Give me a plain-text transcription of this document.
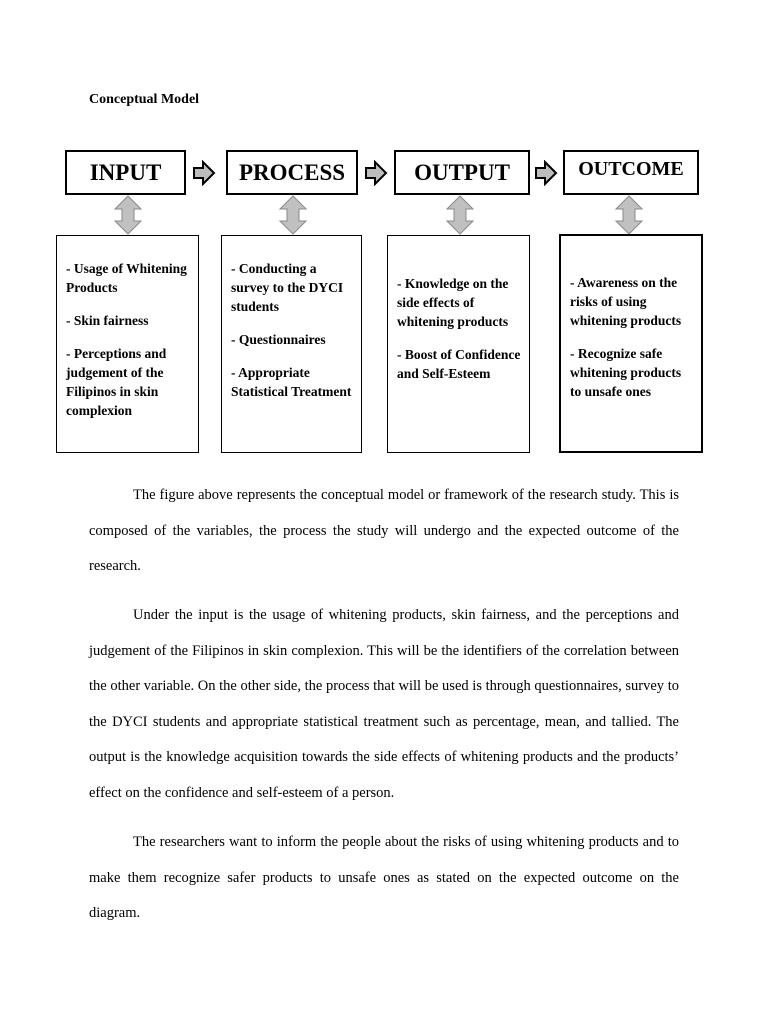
Conceptual Model
INPUT	PROCESS	OUTPUT	OUTCOME
- Usage of Whitening Products
- Skin fairness
- Perceptions and judgement of the Filipinos in skin complexion
- Conducting a survey to the DYCI students
- Questionnaires
- Appropriate Statistical Treatment
- Knowledge on the side effects of whitening products
- Boost of Confidence and Self-Esteem
- Awareness on the risks of using whitening products
- Recognize safe whitening products to unsafe ones

The figure above represents the conceptual model or framework of the research study. This is composed of the variables, the process the study will undergo and the expected outcome of the research.

Under the input is the usage of whitening products, skin fairness, and the perceptions and judgement of the Filipinos in skin complexion. This will be the identifiers of the correlation between the other variable. On the other side, the process that will be used is through questionnaires, survey to the DYCI students and appropriate statistical treatment such as percentage, mean, and tallied. The output is the knowledge acquisition towards the side effects of whitening products and the products’ effect on the confidence and self-esteem of a person.

The researchers want to inform the people about the risks of using whitening products and to make them recognize safer products to unsafe ones as stated on the expected outcome on the diagram.
